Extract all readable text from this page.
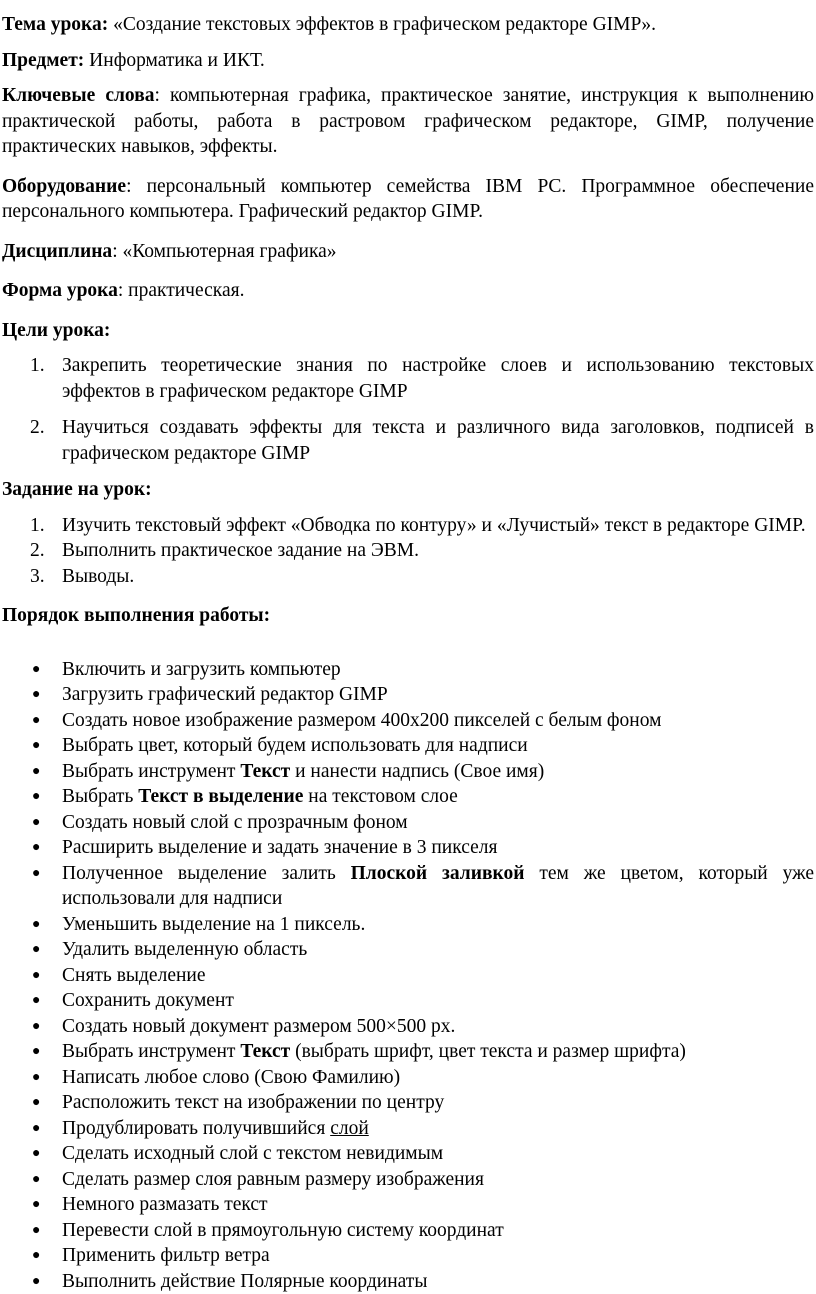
Тема урока: «Создание текстовых эффектов в графическом редакторе GIMP».

Предмет: Информатика и ИКТ.

Ключевые слова: компьютерная графика, практическое занятие, инструкция к выполнению практической работы, работа в растровом графическом редакторе, GIMP, получение практических навыков, эффекты.

Оборудование: персональный компьютер семейства IBM PC. Программное обеспечение персонального компьютера. Графический редактор GIMP.

Дисциплина: «Компьютерная графика»

Форма урока: практическая.

Цели урока:

1. Закрепить теоретические знания по настройке слоев и использованию текстовых эффектов в графическом редакторе GIMP
2. Научиться создавать эффекты для текста и различного вида заголовков, подписей в графическом редакторе GIMP

Задание на урок:

1. Изучить текстовый эффект «Обводка по контуру» и «Лучистый» текст в редакторе GIMP.
2. Выполнить практическое задание на ЭВМ.
3. Выводы.

Порядок выполнения работы:

● Включить и загрузить компьютер
● Загрузить графический редактор GIMP
● Создать новое изображение размером 400х200 пикселей с белым фоном
● Выбрать цвет, который будем использовать для надписи
● Выбрать инструмент Текст и нанести надпись (Свое имя)
● Выбрать Текст в выделение на текстовом слое
● Создать новый слой с прозрачным фоном
● Расширить выделение и задать значение в 3 пикселя
● Полученное выделение залить Плоской заливкой тем же цветом, который уже использовали для надписи
● Уменьшить выделение на 1 пиксель.
● Удалить выделенную область
● Снять выделение
● Сохранить документ
● Создать новый документ размером 500×500 px.
● Выбрать инструмент Текст (выбрать шрифт, цвет текста и размер шрифта)
● Написать любое слово (Свою Фамилию)
● Расположить текст на изображении по центру
● Продублировать получившийся слой
● Сделать исходный слой с текстом невидимым
● Сделать размер слоя равным размеру изображения
● Немного размазать текст
● Перевести слой в прямоугольную систему координат
● Применить фильтр ветра
● Выполнить действие Полярные координаты
